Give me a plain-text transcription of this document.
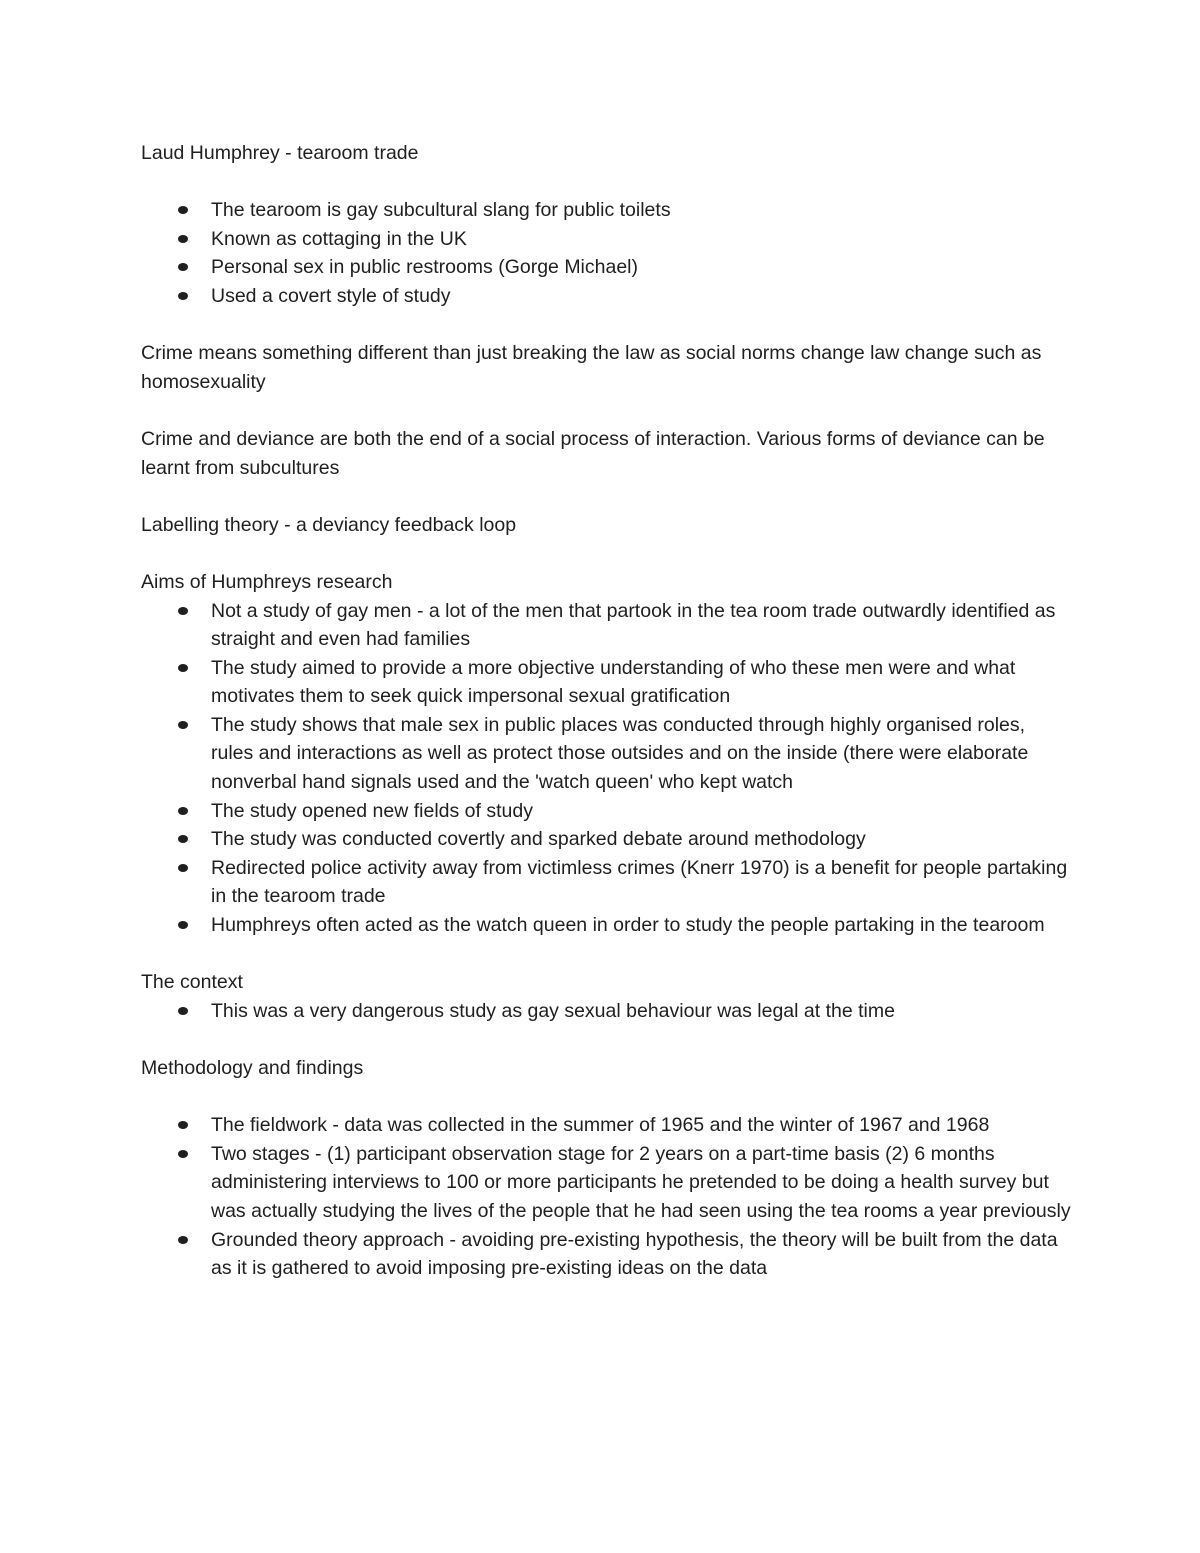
Laud Humphrey - tearoom trade

The tearoom is gay subcultural slang for public toilets
Known as cottaging in the UK
Personal sex in public restrooms (Gorge Michael)
Used a covert style of study

Crime means something different than just breaking the law as social norms change law change such as homosexuality

Crime and deviance are both the end of a social process of interaction. Various forms of deviance can be learnt from subcultures

Labelling theory - a deviancy feedback loop

Aims of Humphreys research

Not a study of gay men - a lot of the men that partook in the tea room trade outwardly identified as straight and even had families
The study aimed to provide a more objective understanding of who these men were and what motivates them to seek quick impersonal sexual gratification
The study shows that male sex in public places was conducted through highly organised roles, rules and interactions as well as protect those outsides and on the inside (there were elaborate nonverbal hand signals used and the 'watch queen' who kept watch
The study opened new fields of study
The study was conducted covertly and sparked debate around methodology
Redirected police activity away from victimless crimes (Knerr 1970) is a benefit for people partaking in the tearoom trade
Humphreys often acted as the watch queen in order to study the people partaking in the tearoom

The context

This was a very dangerous study as gay sexual behaviour was legal at the time

Methodology and findings

The fieldwork - data was collected in the summer of 1965 and the winter of 1967 and 1968
Two stages - (1) participant observation stage for 2 years on a part-time basis (2) 6 months administering interviews to 100 or more participants he pretended to be doing a health survey but was actually studying the lives of the people that he had seen using the tea rooms a year previously
Grounded theory approach - avoiding pre-existing hypothesis, the theory will be built from the data as it is gathered to avoid imposing pre-existing ideas on the data
